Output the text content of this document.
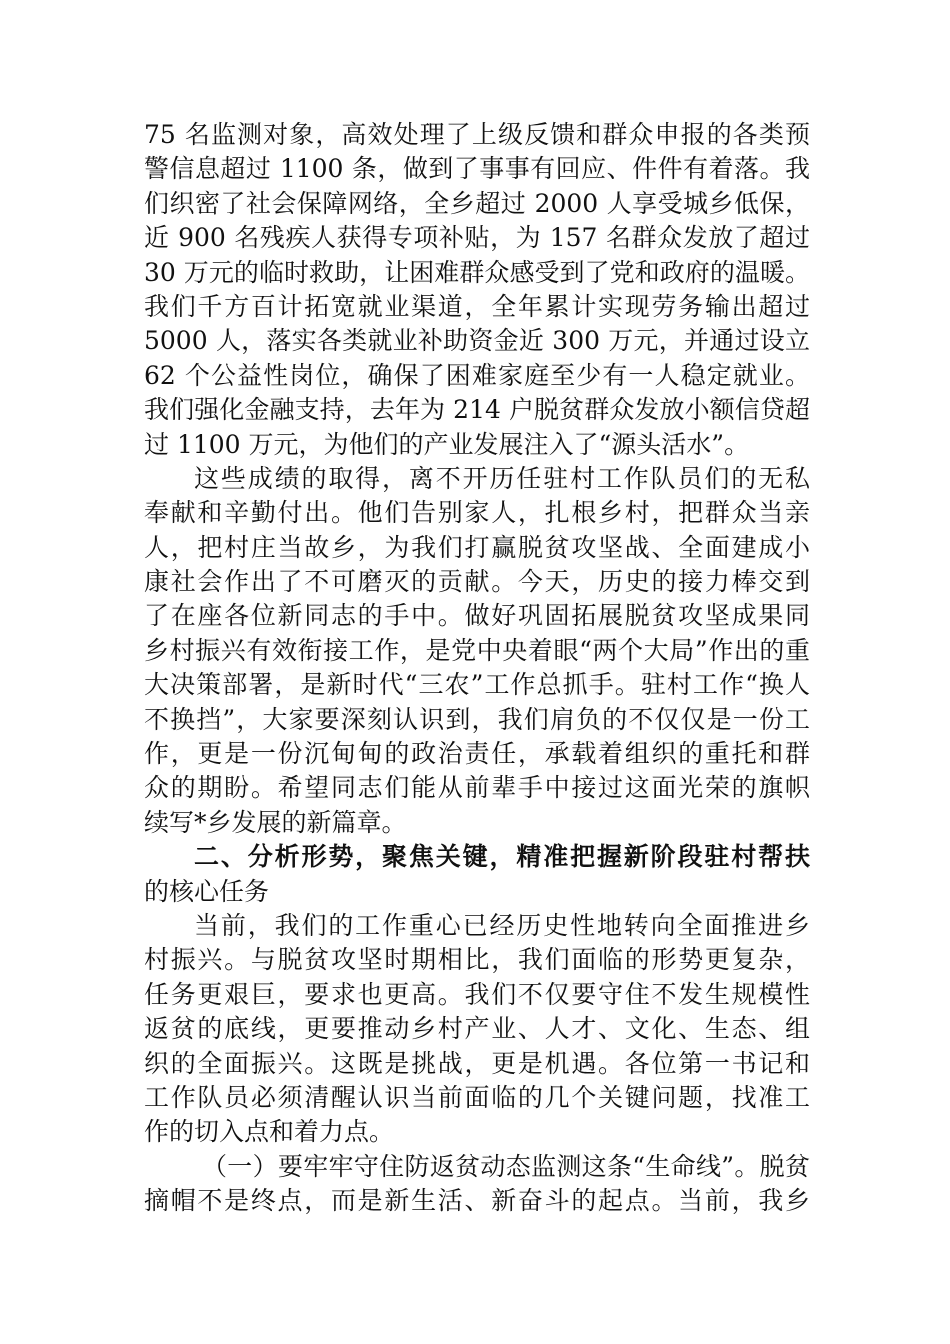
75 名监测对象，高效处理了上级反馈和群众申报的各类预
警信息超过 1100 条，做到了事事有回应、件件有着落。我
们织密了社会保障网络，全乡超过 2000 人享受城乡低保，
近 900 名残疾人获得专项补贴，为 157 名群众发放了超过
30 万元的临时救助，让困难群众感受到了党和政府的温暖。
我们千方百计拓宽就业渠道，全年累计实现劳务输出超过
5000 人，落实各类就业补助资金近 300 万元，并通过设立
62 个公益性岗位，确保了困难家庭至少有一人稳定就业。
我们强化金融支持，去年为 214 户脱贫群众发放小额信贷超
过 1100 万元，为他们的产业发展注入了“源头活水”。
这些成绩的取得，离不开历任驻村工作队员们的无私
奉献和辛勤付出。他们告别家人，扎根乡村，把群众当亲
人，把村庄当故乡，为我们打赢脱贫攻坚战、全面建成小
康社会作出了不可磨灭的贡献。今天，历史的接力棒交到
了在座各位新同志的手中。做好巩固拓展脱贫攻坚成果同
乡村振兴有效衔接工作，是党中央着眼“两个大局”作出的重
大决策部署，是新时代“三农”工作总抓手。驻村工作“换人
不换挡”，大家要深刻认识到，我们肩负的不仅仅是一份工
作，更是一份沉甸甸的政治责任，承载着组织的重托和群
众的期盼。希望同志们能从前辈手中接过这面光荣的旗帜
续写*乡发展的新篇章。
二、分析形势，聚焦关键，精准把握新阶段驻村帮扶
的核心任务
当前，我们的工作重心已经历史性地转向全面推进乡
村振兴。与脱贫攻坚时期相比，我们面临的形势更复杂，
任务更艰巨，要求也更高。我们不仅要守住不发生规模性
返贫的底线，更要推动乡村产业、人才、文化、生态、组
织的全面振兴。这既是挑战，更是机遇。各位第一书记和
工作队员必须清醒认识当前面临的几个关键问题，找准工
作的切入点和着力点。
（一）要牢牢守住防返贫动态监测这条“生命线”。脱贫
摘帽不是终点，而是新生活、新奋斗的起点。当前，我乡
